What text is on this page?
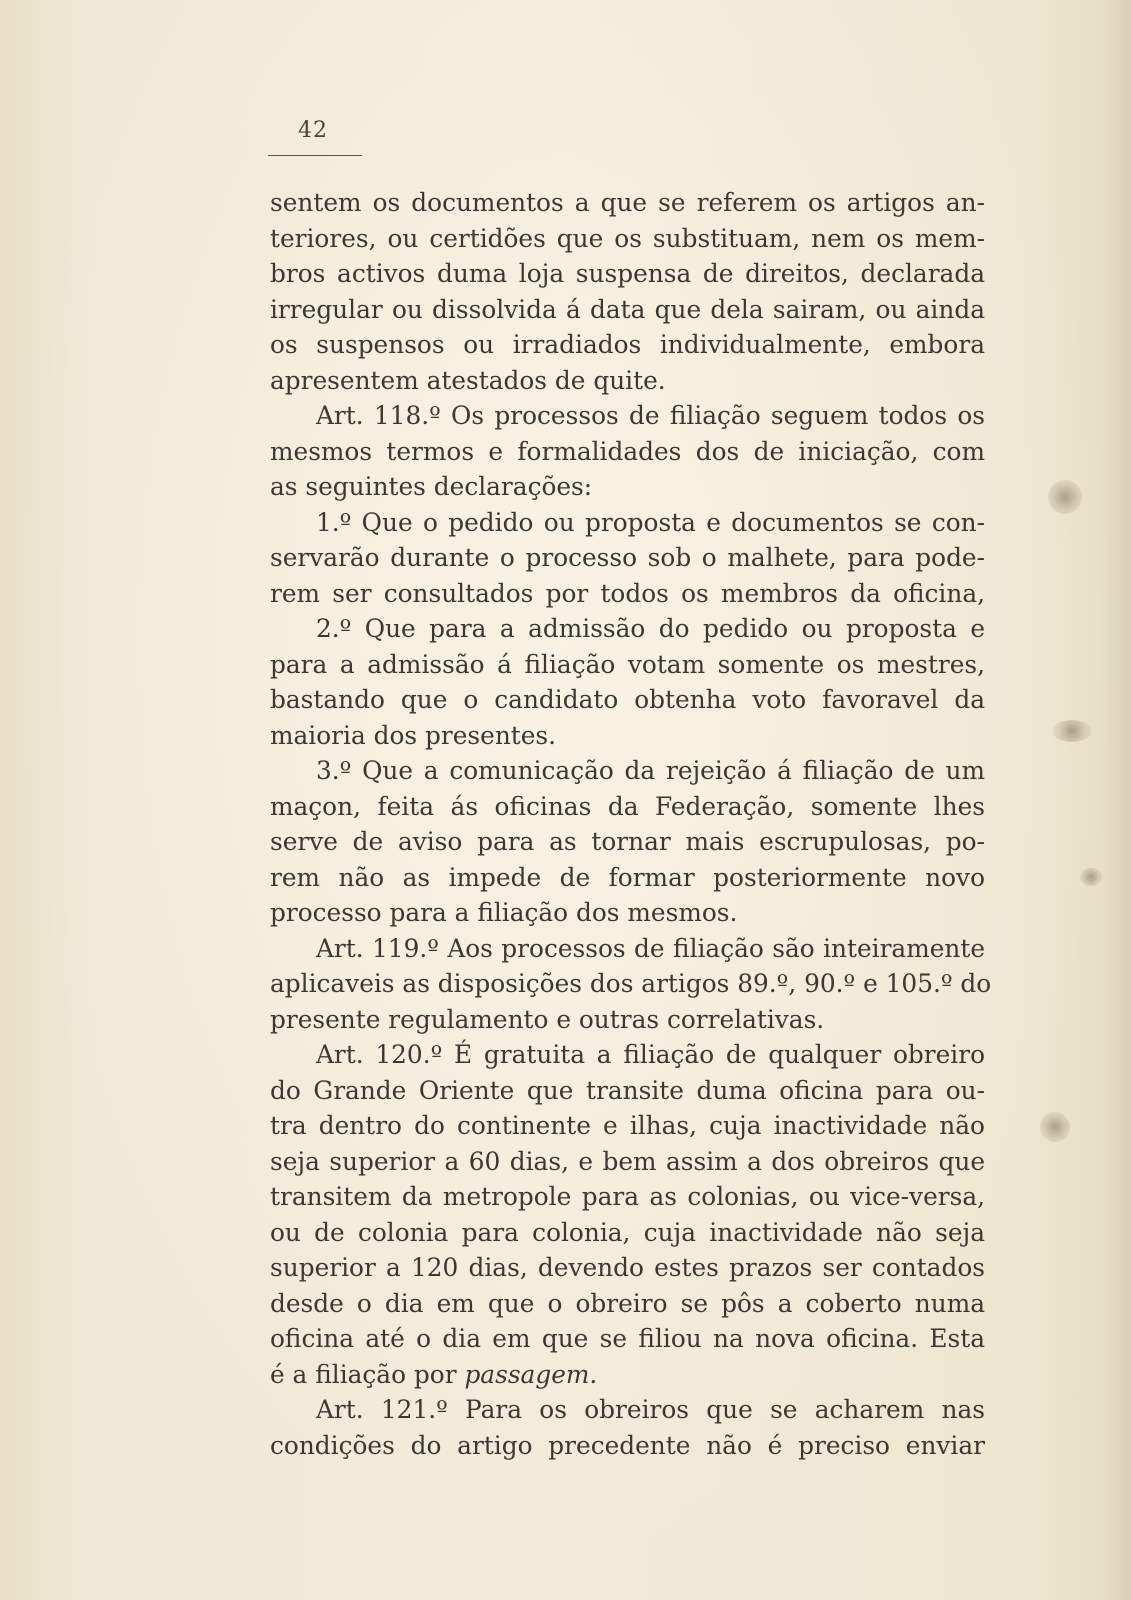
42
sentem os documentos a que se referem os artigos an-
teriores, ou certidões que os substituam, nem os mem-
bros activos duma loja suspensa de direitos, declarada
irregular ou dissolvida á data que dela sairam, ou ainda
os suspensos ou irradiados individualmente, embora
apresentem atestados de quite.
Art. 118.º Os processos de filiação seguem todos os
mesmos termos e formalidades dos de iniciação, com
as seguintes declarações:
1.º Que o pedido ou proposta e documentos se con-
servarão durante o processo sob o malhete, para pode-
rem ser consultados por todos os membros da oficina,
2.º Que para a admissão do pedido ou proposta e
para a admissão á filiação votam somente os mestres,
bastando que o candidato obtenha voto favoravel da
maioria dos presentes.
3.º Que a comunicação da rejeição á filiação de um
maçon, feita ás oficinas da Federação, somente lhes
serve de aviso para as tornar mais escrupulosas, po-
rem não as impede de formar posteriormente novo
processo para a filiação dos mesmos.
Art. 119.º Aos processos de filiação são inteiramente
aplicaveis as disposições dos artigos 89.º, 90.º e 105.º do
presente regulamento e outras correlativas.
Art. 120.º É gratuita a filiação de qualquer obreiro
do Grande Oriente que transite duma oficina para ou-
tra dentro do continente e ilhas, cuja inactividade não
seja superior a 60 dias, e bem assim a dos obreiros que
transitem da metropole para as colonias, ou vice-versa,
ou de colonia para colonia, cuja inactividade não seja
superior a 120 dias, devendo estes prazos ser contados
desde o dia em que o obreiro se pôs a coberto numa
oficina até o dia em que se filiou na nova oficina. Esta
é a filiação por passagem.
Art. 121.º Para os obreiros que se acharem nas
condições do artigo precedente não é preciso enviar
